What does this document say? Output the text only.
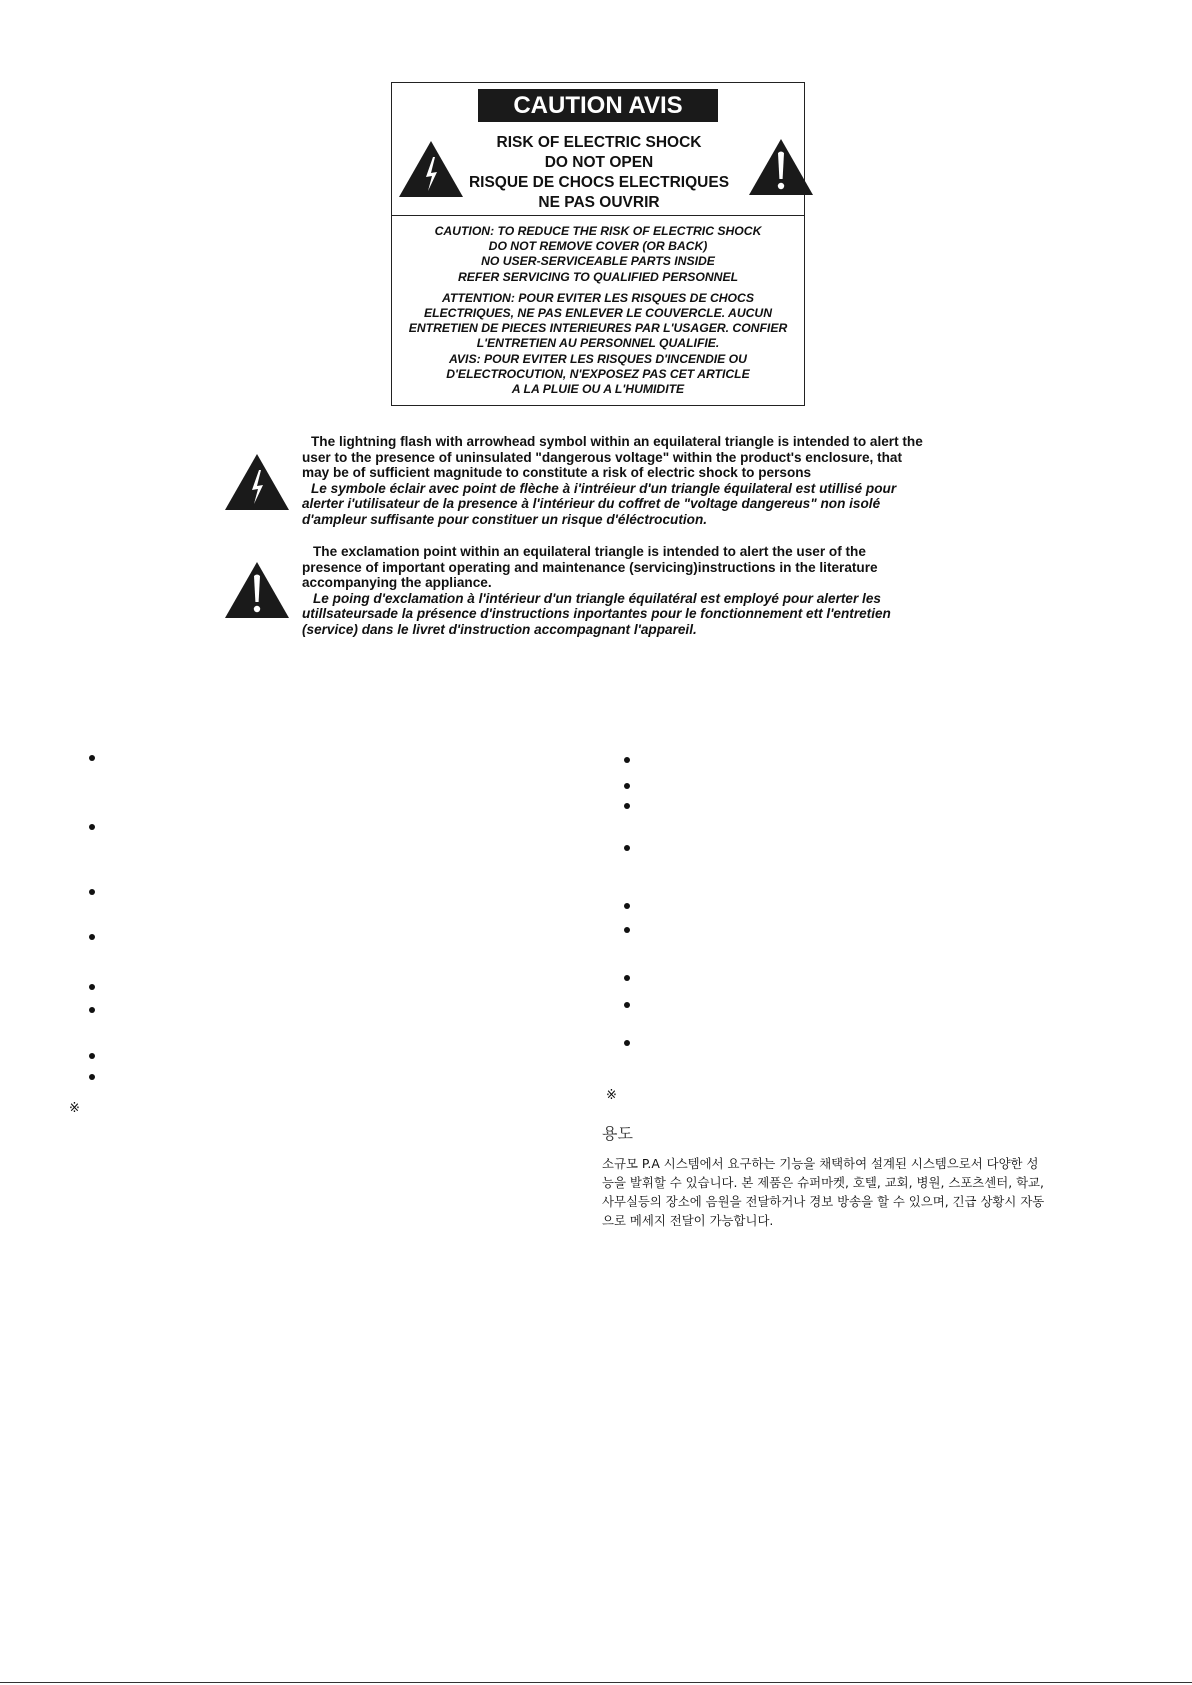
CAUTION AVIS
RISK OF ELECTRIC SHOCK
DO NOT OPEN
RISQUE DE CHOCS ELECTRIQUES
NE PAS OUVRIR
CAUTION: TO REDUCE THE RISK OF ELECTRIC SHOCK
DO NOT REMOVE COVER (OR BACK)
NO USER-SERVICEABLE PARTS INSIDE
REFER SERVICING TO QUALIFIED PERSONNEL
ATTENTION: POUR EVITER LES RISQUES DE CHOCS
ELECTRIQUES, NE PAS ENLEVER LE COUVERCLE. AUCUN
ENTRETIEN DE PIECES INTERIEURES PAR L'USAGER. CONFIER
L'ENTRETIEN AU PERSONNEL QUALIFIE.
AVIS: POUR EVITER LES RISQUES D'INCENDIE OU
D'ELECTROCUTION, N'EXPOSEZ PAS CET ARTICLE
A LA PLUIE OU A L'HUMIDITE
The lightning flash with arrowhead symbol within an equilateral triangle is intended to alert the
user to the presence of uninsulated "dangerous voltage" within the product's enclosure, that
may be of sufficient magnitude to constitute a risk of electric shock to persons
Le symbole éclair avec point de flèche à i'intréieur d'un triangle équilateral est utillisé pour
alerter i'utilisateur de la presence à l'intérieur du coffret de "voltage dangereus" non isolé
d'ampleur suffisante pour constituer un risque d'éléctrocution.
The exclamation point within an equilateral triangle is intended to alert the user of the
presence of important operating and maintenance (servicing)instructions in the literature
accompanying the appliance.
Le poing d'exclamation à l'intérieur d'un triangle équilatéral est employé pour alerter les
utillsateursade la présence d'instructions inportantes pour le fonctionnement ett l'entretien
(service) dans le livret d'instruction accompagnant l'appareil.
※
※
용도
소규모 P.A 시스템에서 요구하는 기능을 채택하여 설계된 시스템으로서 다양한 성
능을 발휘할 수 있습니다. 본 제품은 슈퍼마켓, 호텔, 교회, 병원, 스포츠센터, 학교,
사무실등의 장소에 음원을 전달하거나 경보 방송을 할 수 있으며, 긴급 상황시 자동
으로 메세지 전달이 가능합니다.
